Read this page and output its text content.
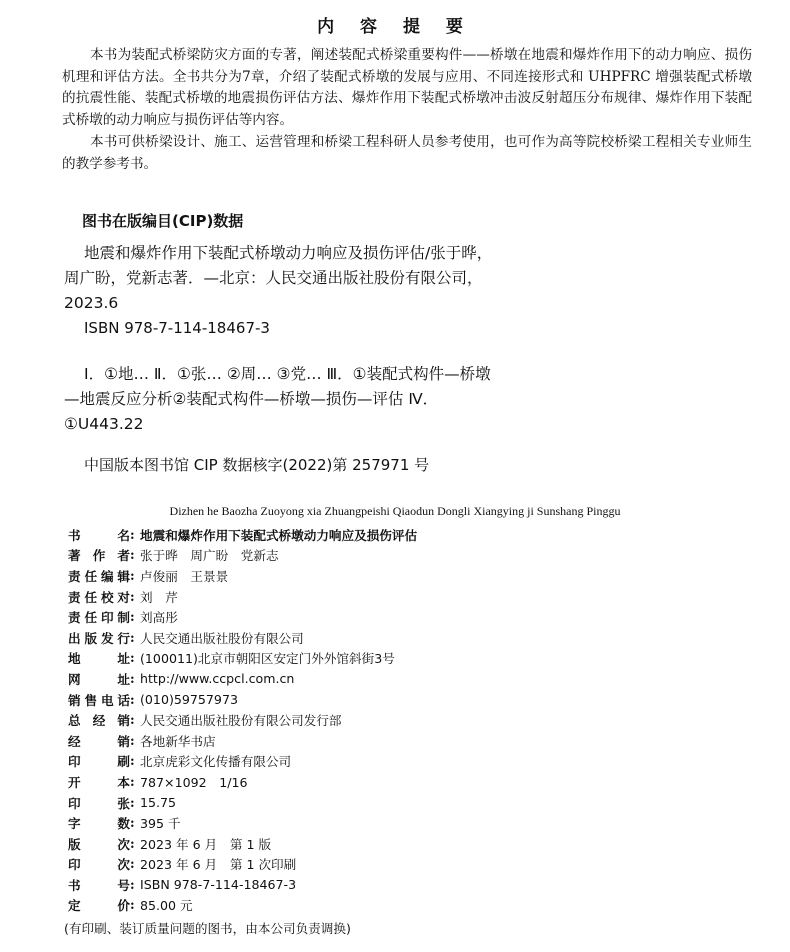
内 容 提 要
本书为装配式桥梁防灾方面的专著，阐述装配式桥梁重要构件——桥墩在地震和爆炸作用下的动力响应、损伤机理和评估方法。全书共分为7章，介绍了装配式桥墩的发展与应用、不同连接形式和 UHPFRC 增强装配式桥墩的抗震性能、装配式桥墩的地震损伤评估方法、爆炸作用下装配式桥墩冲击波反射超压分布规律、爆炸作用下装配式桥墩的动力响应与损伤评估等内容。
本书可供桥梁设计、施工、运营管理和桥梁工程科研人员参考使用，也可作为高等院校桥梁工程相关专业师生的教学参考书。
图书在版编目(CIP)数据
地震和爆炸作用下装配式桥墩动力响应及损伤评估/张于晔，周广盼，党新志著．—北京：人民交通出版社股份有限公司，2023.6
ISBN 978-7-114-18467-3
Ⅰ．①地… Ⅱ．①张… ②周… ③党… Ⅲ．①装配式构件—桥墩—地震反应分析②装配式构件—桥墩—损伤—评估 Ⅳ．①U443.22
中国版本图书馆 CIP 数据核字(2022)第 257971 号
Dizhen he Baozha Zuoyong xia Zhuangpeishi Qiaodun Dongli Xiangying ji Sunshang Pinggu
书名 : 地震和爆炸作用下装配式桥墩动力响应及损伤评估
著作者 : 张于晔　周广盼　党新志
责任编辑 : 卢俊丽　王景景
责任校对 : 刘　芹
责任印制 : 刘高彤
出版发行 : 人民交通出版社股份有限公司
地址 : (100011)北京市朝阳区安定门外外馆斜街3号
网址 : http://www.ccpcl.com.cn
销售电话 : (010)59757973
总经销 : 人民交通出版社股份有限公司发行部
经销 : 各地新华书店
印刷 : 北京虎彩文化传播有限公司
开本 : 787×1092　1/16
印张 : 15.75
字数 : 395 千
版次 : 2023 年 6 月　第 1 版
印次 : 2023 年 6 月　第 1 次印刷
书号 : ISBN 978-7-114-18467-3
定价 : 85.00 元
(有印刷、装订质量问题的图书，由本公司负责调换)
